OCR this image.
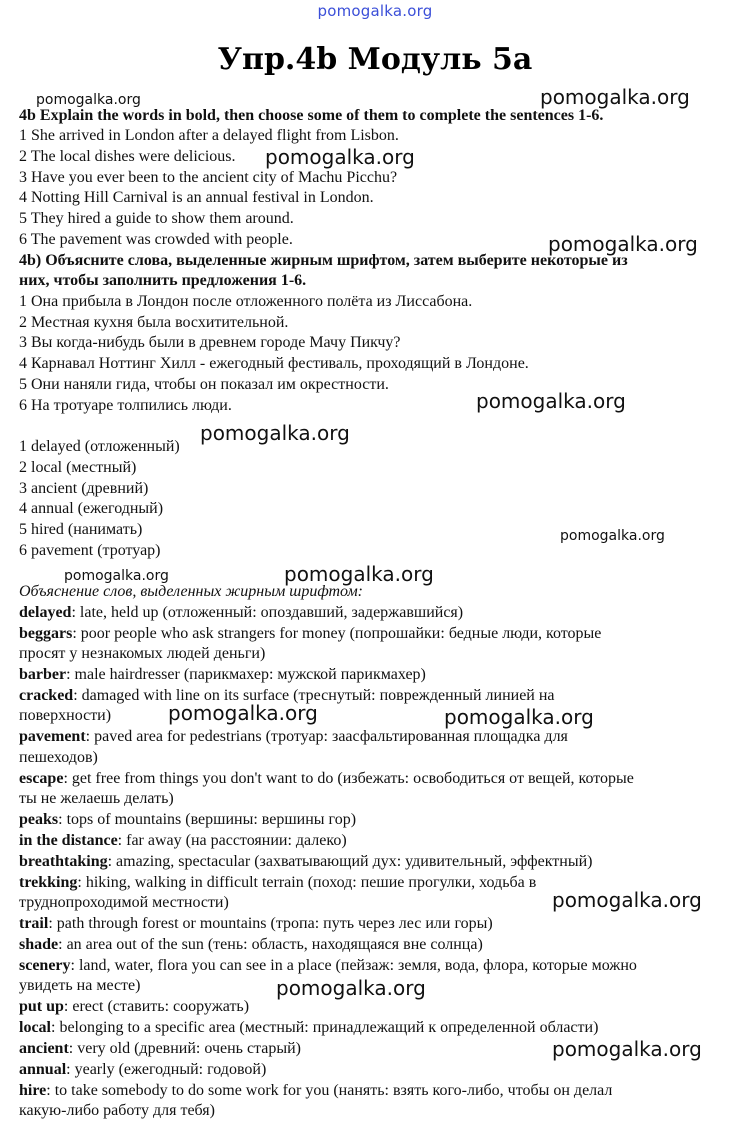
pomogalka.org
Упр.4b Модуль 5а
4b Explain the words in bold, then choose some of them to complete the sentences 1-6.
1 She arrived in London after a delayed flight from Lisbon.
2 The local dishes were delicious.
3 Have you ever been to the ancient city of Machu Picchu?
4 Notting Hill Carnival is an annual festival in London.
5 They hired a guide to show them around.
6 The pavement was crowded with people.
4b) Объясните слова, выделенные жирным шрифтом, затем выберите некоторые из
них, чтобы заполнить предложения 1-6.
1 Она прибыла в Лондон после отложенного полёта из Лиссабона.
2 Местная кухня была восхитительной.
3 Вы когда-нибудь были в древнем городе Мачу Пикчу?
4 Карнавал Ноттинг Хилл - ежегодный фестиваль, проходящий в Лондоне.
5 Они наняли гида, чтобы он показал им окрестности.
6 На тротуаре толпились люди.
1 delayed (отложенный)
2 local (местный)
3 ancient (древний)
4 annual (ежегодный)
5 hired (нанимать)
6 pavement (тротуар)
Объяснение слов, выделенных жирным шрифтом:
delayed: late, held up (отложенный: опоздавший, задержавшийся)
beggars: poor people who ask strangers for money (попрошайки: бедные люди, которые
просят у незнакомых людей деньги)
barber: male hairdresser (парикмахер: мужской парикмахер)
cracked: damaged with line on its surface (треснутый: поврежденный линией на
поверхности)
pavement: paved area for pedestrians (тротуар: заасфальтированная площадка для
пешеходов)
escape: get free from things you don't want to do (избежать: освободиться от вещей, которые
ты не желаешь делать)
peaks: tops of mountains (вершины: вершины гор)
in the distance: far away (на расстоянии: далеко)
breathtaking: amazing, spectacular (захватывающий дух: удивительный, эффектный)
trekking: hiking, walking in difficult terrain (поход: пешие прогулки, ходьба в
труднопроходимой местности)
trail: path through forest or mountains (тропа: путь через лес или горы)
shade: an area out of the sun (тень: область, находящаяся вне солнца)
scenery: land, water, flora you can see in a place (пейзаж: земля, вода, флора, которые можно
увидеть на месте)
put up: erect (ставить: сооружать)
local: belonging to a specific area (местный: принадлежащий к определенной области)
ancient: very old (древний: очень старый)
annual: yearly (ежегодный: годовой)
hire: to take somebody to do some work for you (нанять: взять кого-либо, чтобы он делал
какую-либо работу для тебя)
pomogalka.org	pomogalka.org
pomogalka.org
pomogalka.org
pomogalka.org
pomogalka.org
pomogalka.org
pomogalka.org	pomogalka.org
pomogalka.org	pomogalka.org
pomogalka.org
pomogalka.org
pomogalka.org
